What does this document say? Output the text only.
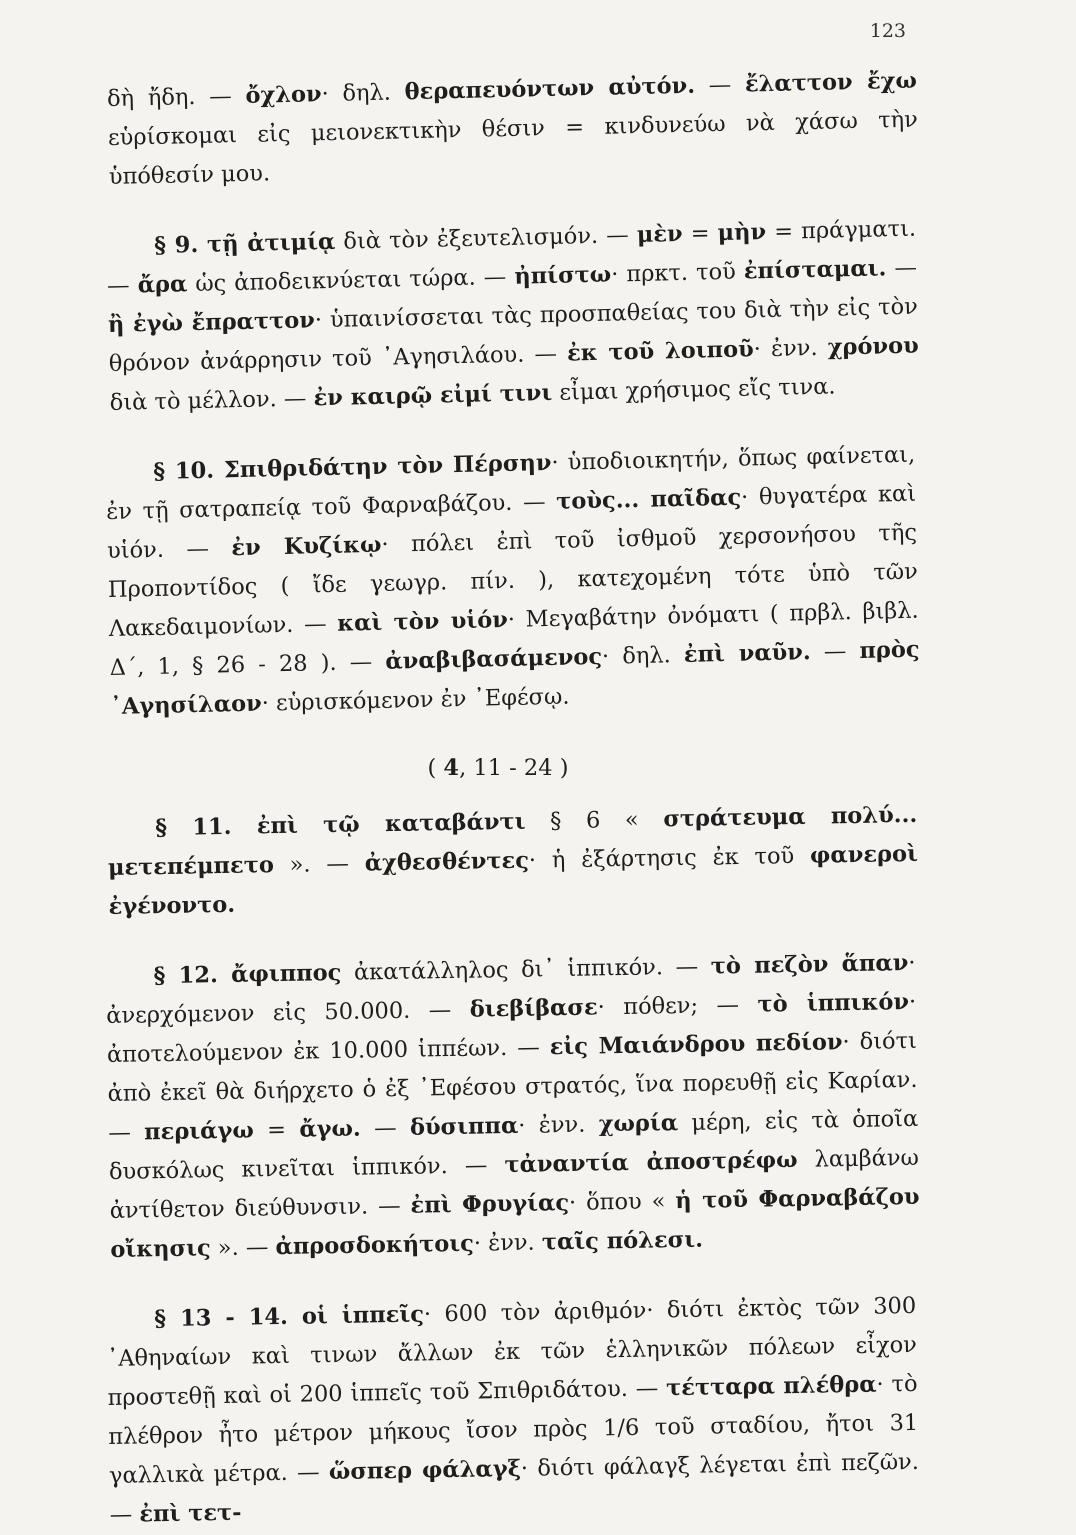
123

δὴ ἤδη. — ὄχλον· δηλ. θεραπευόντων αὐτόν. — ἔλαττον ἔχω εὑρίσκομαι εἰς μειονεκτικὴν θέσιν = κινδυνεύω νὰ χάσω τὴν ὑπόθεσίν μου.

§ 9. τῇ ἀτιμίᾳ διὰ τὸν ἐξευτελισμόν. — μὲν = μὴν = πράγματι. — ἄρα ὡς ἀποδεικνύεται τώρα. — ἠπίστω· πρκτ. τοῦ ἐπίσταμαι. — ἢ ἐγὼ ἔπραττον· ὑπαινίσσεται τὰς προσπαθείας του διὰ τὴν εἰς τὸν θρόνον ἀνάρρησιν τοῦ ᾿Αγησιλάου. — ἐκ τοῦ λοιποῦ· ἐνν. χρόνου διὰ τὸ μέλλον. — ἐν καιρῷ εἰμί τινι εἶμαι χρήσιμος εἴς τινα.

§ 10. Σπιθριδάτην τὸν Πέρσην· ὑποδιοικητήν, ὅπως φαίνεται, ἐν τῇ σατραπείᾳ τοῦ Φαρναβάζου. — τοὺς... παῖδας· θυγατέρα καὶ υἱόν. — ἐν Κυζίκῳ· πόλει ἐπὶ τοῦ ἰσθμοῦ χερσονήσου τῆς Προποντίδος ( ἴδε γεωγρ. πίν. ), κατεχομένη τότε ὑπὸ τῶν Λακεδαιμονίων. — καὶ τὸν υἱόν· Μεγαβάτην ὀνόματι ( πρβλ. βιβλ. Δ΄, 1, § 26 - 28 ). — ἀναβιβασάμενος· δηλ. ἐπὶ ναῦν. — πρὸς ᾿Αγησίλαον· εὑρισκόμενον ἐν ᾿Εφέσῳ.

( 4, 11 - 24 )

§ 11. ἐπὶ τῷ καταβάντι § 6 « στράτευμα πολύ... μετεπέμπετο ». — ἀχθεσθέντες· ἡ ἐξάρτησις ἐκ τοῦ φανεροὶ ἐγένοντο.

§ 12. ἄφιππος ἀκατάλληλος δι᾿ ἱππικόν. — τὸ πεζὸν ἅπαν· ἀνερχόμενον εἰς 50.000. — διεβίβασε· πόθεν; — τὸ ἱππικόν· ἀποτελούμενον ἐκ 10.000 ἱππέων. — εἰς Μαιάνδρου πεδίον· διότι ἀπὸ ἐκεῖ θὰ διήρχετο ὁ ἐξ ᾿Εφέσου στρατός, ἵνα πορευθῇ εἰς Καρίαν. — περιάγω = ἄγω. — δύσιππα· ἐνν. χωρία μέρη, εἰς τὰ ὁποῖα δυσκόλως κινεῖται ἱππικόν. — τἀναντία ἀποστρέφω λαμβάνω ἀντίθετον διεύθυνσιν. — ἐπὶ Φρυγίας· ὅπου « ἡ τοῦ Φαρναβάζου οἴκησις ». — ἀπροσδοκήτοις· ἐνν. ταῖς πόλεσι.

§ 13 - 14. οἱ ἱππεῖς· 600 τὸν ἀριθμόν· διότι ἐκτὸς τῶν 300 ᾿Αθηναίων καὶ τινων ἄλλων ἐκ τῶν ἑλληνικῶν πόλεων εἶχον προστεθῇ καὶ οἱ 200 ἱππεῖς τοῦ Σπιθριδάτου. — τέτταρα πλέθρα· τὸ πλέθρον ἦτο μέτρον μήκους ἴσον πρὸς 1/6 τοῦ σταδίου, ἤτοι 31 γαλλικὰ μέτρα. — ὥσπερ φάλαγξ· διότι φάλαγξ λέγεται ἐπὶ πεζῶν. — ἐπὶ τετ-
